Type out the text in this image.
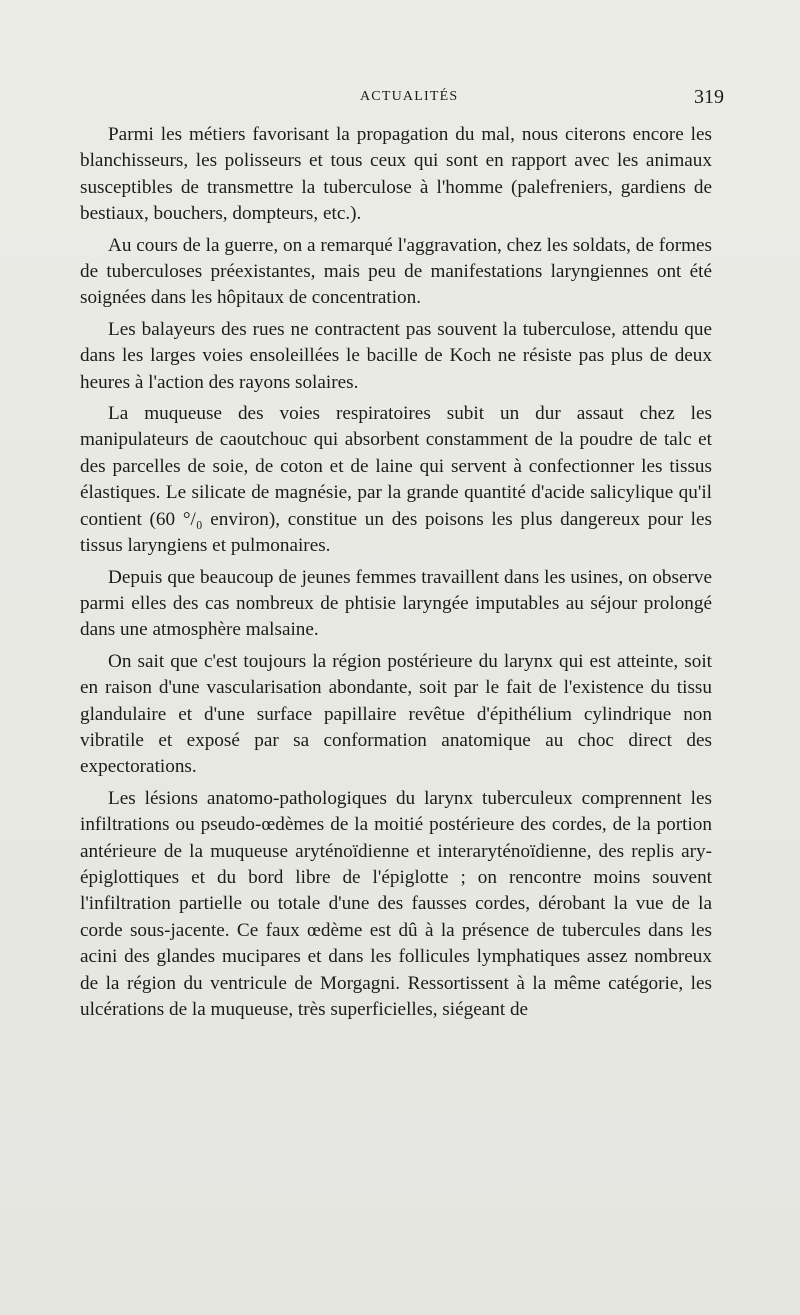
ACTUALITÉS	319

Parmi les métiers favorisant la propagation du mal, nous citerons encore les blanchisseurs, les polisseurs et tous ceux qui sont en rapport avec les animaux susceptibles de transmettre la tuberculose à l'homme (palefreniers, gardiens de bestiaux, bouchers, dompteurs, etc.).

Au cours de la guerre, on a remarqué l'aggravation, chez les soldats, de formes de tuberculoses préexistantes, mais peu de manifestations laryngiennes ont été soignées dans les hôpitaux de concentration.

Les balayeurs des rues ne contractent pas souvent la tuberculose, attendu que dans les larges voies ensoleillées le bacille de Koch ne résiste pas plus de deux heures à l'action des rayons solaires.

La muqueuse des voies respiratoires subit un dur assaut chez les manipulateurs de caoutchouc qui absorbent constamment de la poudre de talc et des parcelles de soie, de coton et de laine qui servent à confectionner les tissus élastiques. Le silicate de magnésie, par la grande quantité d'acide salicylique qu'il contient (60 °/₀ environ), constitue un des poisons les plus dangereux pour les tissus laryngiens et pulmonaires.

Depuis que beaucoup de jeunes femmes travaillent dans les usines, on observe parmi elles des cas nombreux de phtisie laryngée imputables au séjour prolongé dans une atmosphère malsaine.

On sait que c'est toujours la région postérieure du larynx qui est atteinte, soit en raison d'une vascularisation abondante, soit par le fait de l'existence du tissu glandulaire et d'une surface papillaire revêtue d'épithélium cylindrique non vibratile et exposé par sa conformation anatomique au choc direct des expectorations.

Les lésions anatomo-pathologiques du larynx tuberculeux comprennent les infiltrations ou pseudo-œdèmes de la moitié postérieure des cordes, de la portion antérieure de la muqueuse aryténoïdienne et interaryténoïdienne, des replis ary-épiglottiques et du bord libre de l'épiglotte ; on rencontre moins souvent l'infiltration partielle ou totale d'une des fausses cordes, dérobant la vue de la corde sous-jacente. Ce faux œdème est dû à la présence de tubercules dans les acini des glandes mucipares et dans les follicules lymphatiques assez nombreux de la région du ventricule de Morgagni. Ressortissent à la même catégorie, les ulcérations de la muqueuse, très superficielles, siégeant de
